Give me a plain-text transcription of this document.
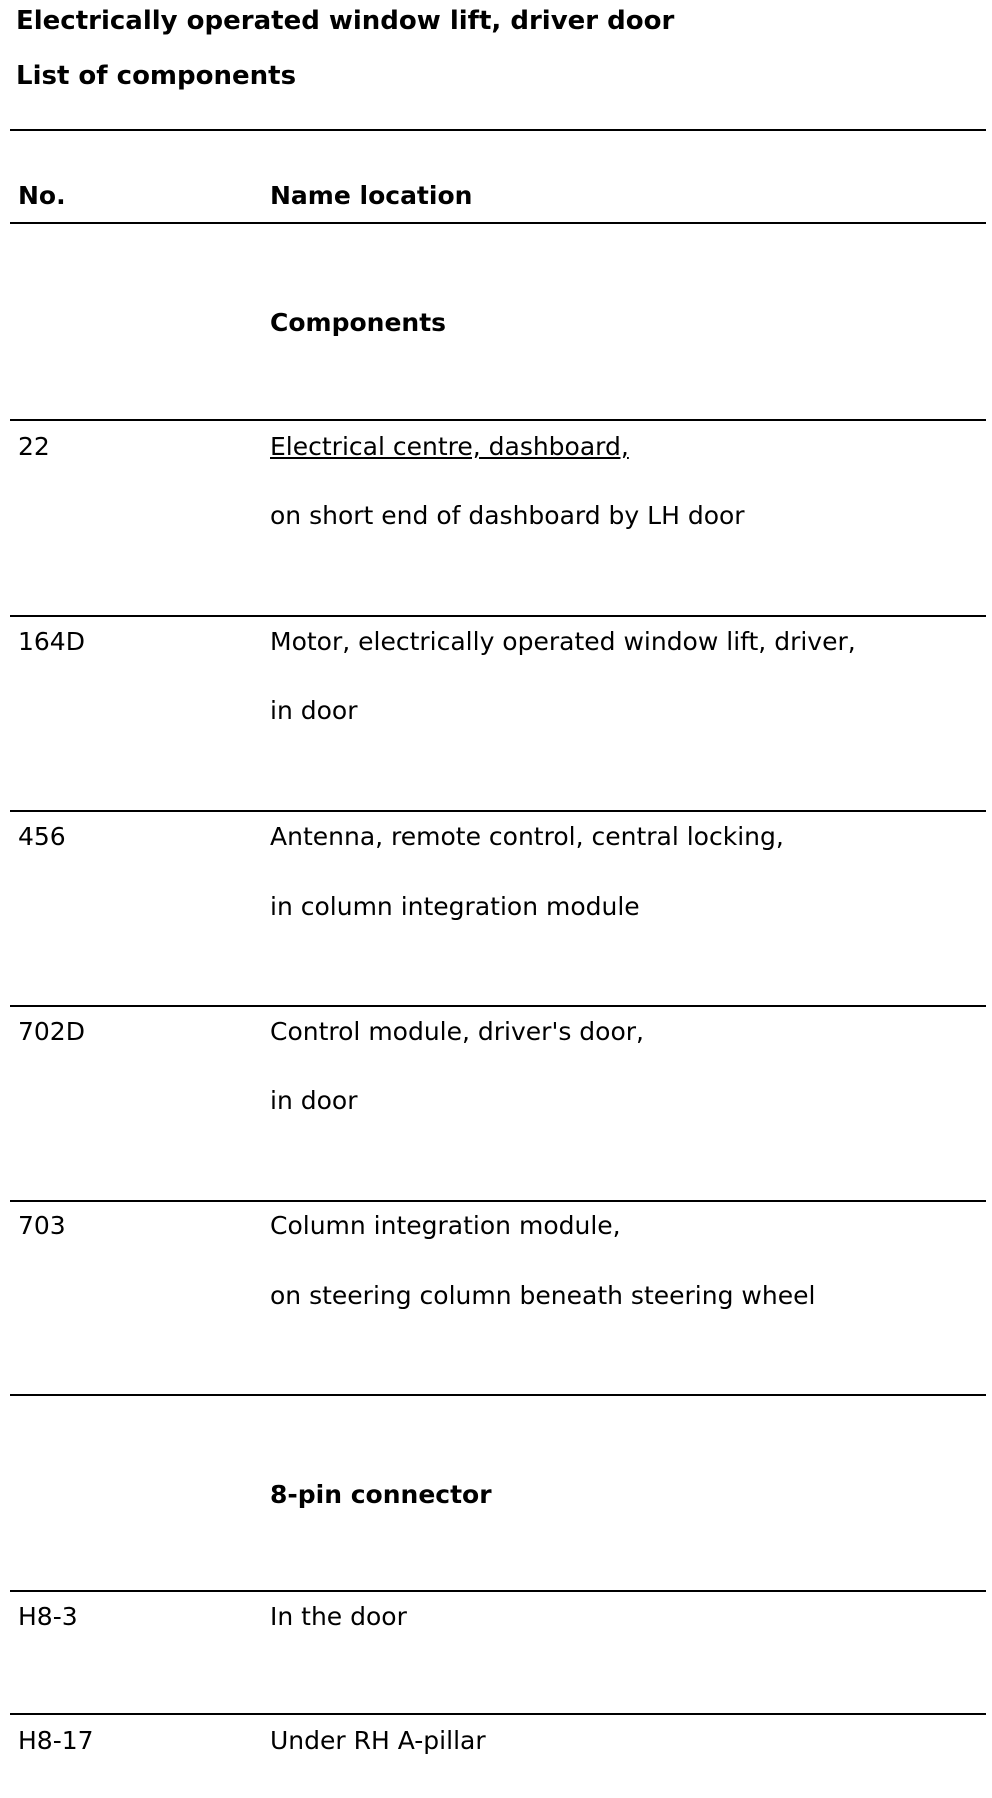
Electrically operated window lift, driver door
List of components
No.	Name location
Components
22	Electrical centre, dashboard,
on short end of dashboard by LH door
164D	Motor, electrically operated window lift, driver,
in door
456	Antenna, remote control, central locking,
in column integration module
702D	Control module, driver's door,
in door
703	Column integration module,
on steering column beneath steering wheel
8-pin connector
H8-3	In the door
H8-17	Under RH A-pillar
